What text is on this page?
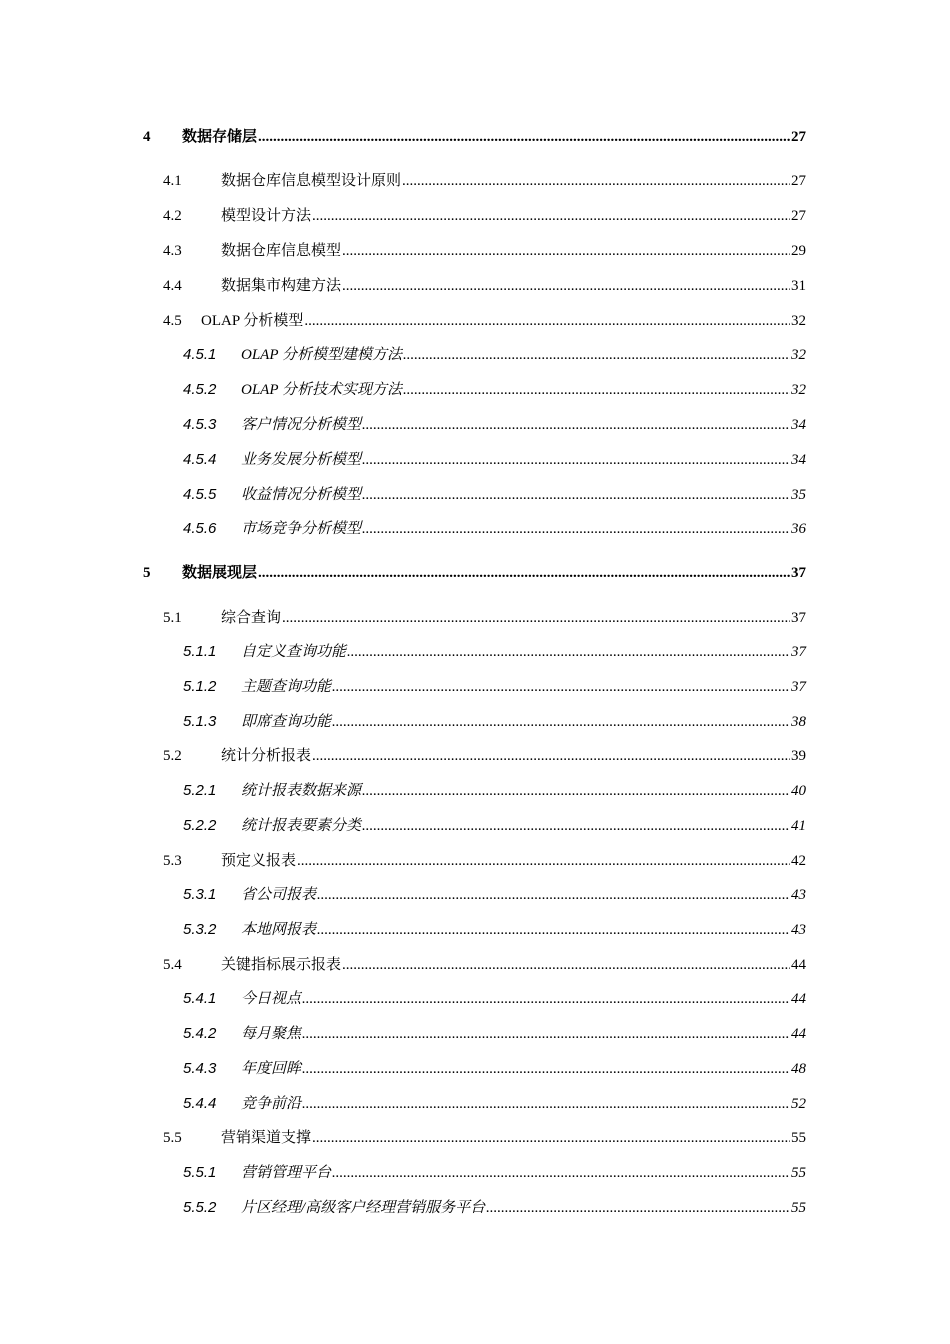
4	数据存储层 .....	27
4.1	数据仓库信息模型设计原则 .....	27
4.2	模型设计方法 .....	27
4.3	数据仓库信息模型 .....	29
4.4	数据集市构建方法 .....	31
4.5	OLAP 分析模型 .....	32
4.5.1	OLAP 分析模型建模方法 .....	32
4.5.2	OLAP 分析技术实现方法 .....	32
4.5.3	客户情况分析模型 .....	34
4.5.4	业务发展分析模型 .....	34
4.5.5	收益情况分析模型 .....	35
4.5.6	市场竞争分析模型 .....	36
5	数据展现层 .....	37
5.1	综合查询 .....	37
5.1.1	自定义查询功能 .....	37
5.1.2	主题查询功能 .....	37
5.1.3	即席查询功能 .....	38
5.2	统计分析报表 .....	39
5.2.1	统计报表数据来源 .....	40
5.2.2	统计报表要素分类 .....	41
5.3	预定义报表 .....	42
5.3.1	省公司报表 .....	43
5.3.2	本地网报表 .....	43
5.4	关键指标展示报表 .....	44
5.4.1	今日视点 .....	44
5.4.2	每月聚焦 .....	44
5.4.3	年度回眸 .....	48
5.4.4	竞争前沿 .....	52
5.5	营销渠道支撑 .....	55
5.5.1	营销管理平台 .....	55
5.5.2	片区经理/高级客户经理营销服务平台 .....	55
